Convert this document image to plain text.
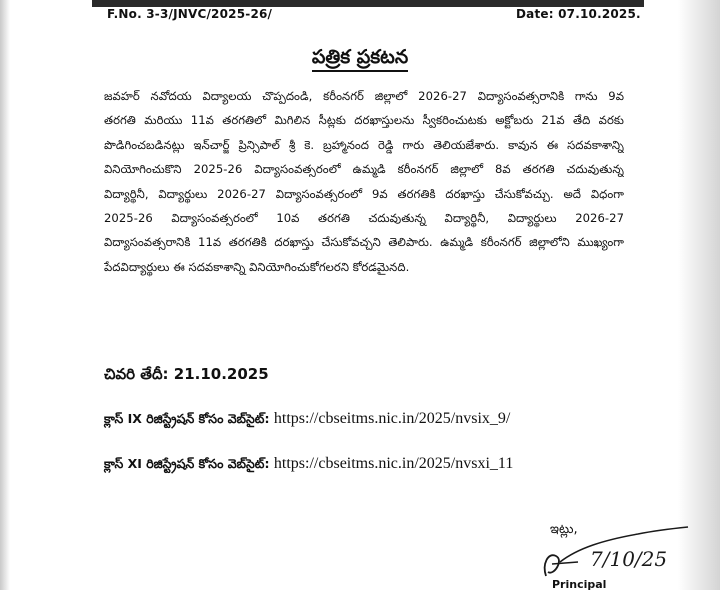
F.No. 3-3/JNVC/2025-26/	Date: 07.10.2025.
పత్రిక ప్రకటన
జవహర్ నవోదయ విద్యాలయ చొప్పదండి, కరీంనగర్ జిల్లాలో 2026-27 విద్యాసంవత్సరానికి గాను 9వ
తరగతి మరియు 11వ తరగతిలో మిగిలిన సీట్లకు దరఖాస్తులను స్వీకరించుటకు అక్టోబరు 21వ తేది వరకు
పొడిగించబడినట్లు ఇన్‌చార్జ్ ప్రిన్సిపాల్ శ్రీ కె. బ్రహ్మానంద రెడ్డి గారు తెలియజేశారు. కావున ఈ సదవకాశాన్ని
వినియోగించుకొని 2025-26 విద్యాసంవత్సరంలో ఉమ్మడి కరీంనగర్ జిల్లాలో 8వ తరగతి చదువుతున్న
విద్యార్థినీ, విద్యార్థులు 2026-27 విద్యాసంవత్సరంలో 9వ తరగతికి దరఖాస్తు చేసుకోవచ్చు. అదే విధంగా
2025-26 విద్యాసంవత్సరంలో 10వ తరగతి చదువుతున్న విద్యార్థినీ, విద్యార్థులు 2026-27
విద్యాసంవత్సరానికి 11వ తరగతికి దరఖాస్తు చేసుకోవచ్చని తెలిపారు. ఉమ్మడి కరీంనగర్ జిల్లాలోని ముఖ్యంగా
పేదవిద్యార్థులు ఈ సదవకాశాన్ని వినియోగించుకోగలరని కోరడమైనది.
చివరి తేదీ: 21.10.2025
క్లాస్ IX రిజిస్ట్రేషన్ కోసం వెబ్‌సైట్: https://cbseitms.nic.in/2025/nvsix_9/
క్లాస్ XI రిజిస్ట్రేషన్ కోసం వెబ్‌సైట్: https://cbseitms.nic.in/2025/nvsxi_11
ఇట్లు,
7/10/25
Principal
